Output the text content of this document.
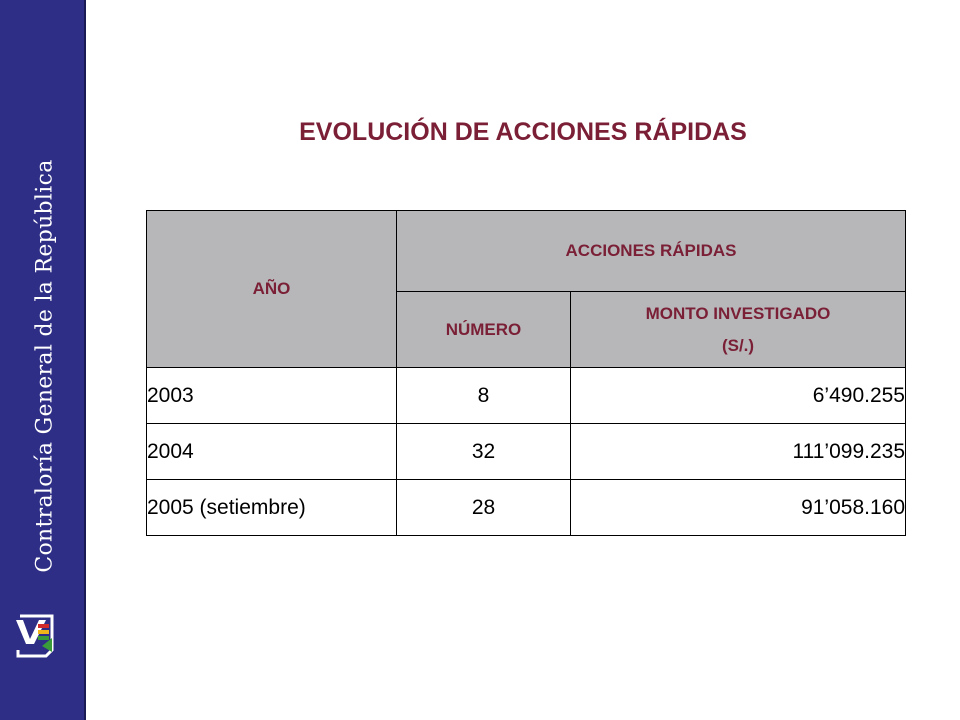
Contraloría General de la República
EVOLUCIÓN DE ACCIONES RÁPIDAS
AÑO	ACCIONES RÁPIDAS	
	NÚMERO	MONTO INVESTIGADO
(S/.)

2003	8	6’490.255
2004	32	111’099.235
2005 (setiembre)	28	91’058.160
